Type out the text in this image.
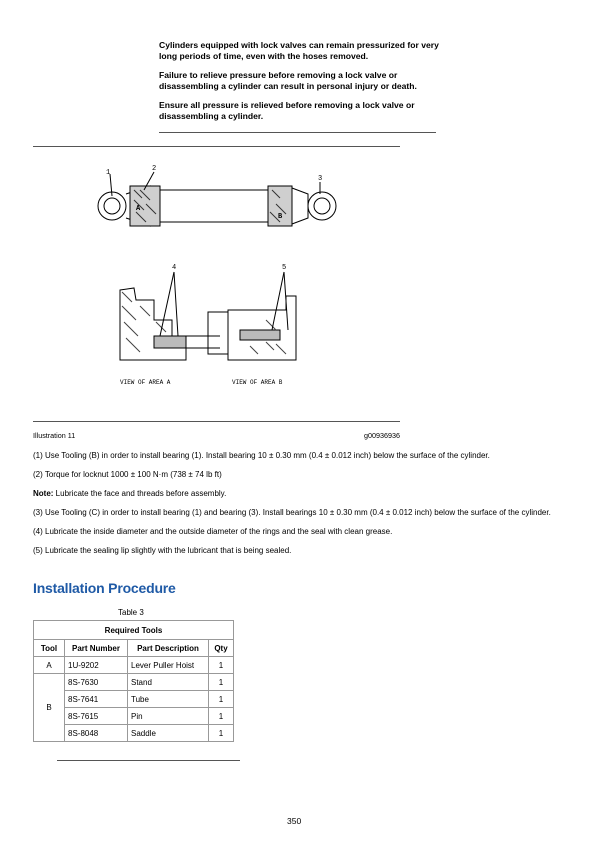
Cylinders equipped with lock valves can remain pressurized for very long periods of time, even with the hoses removed.

Failure to relieve pressure before removing a lock valve or disassembling a cylinder can result in personal injury or death.

Ensure all pressure is relieved before removing a lock valve or disassembling a cylinder.

1	2
3
A
B
4	5
VIEW OF AREA A	VIEW OF AREA B
Illustration 11	g00936936

(1) Use Tooling (B) in order to install bearing (1). Install bearing 10 ± 0.30 mm (0.4 ± 0.012 inch) below the surface of the cylinder.

(2) Torque for locknut 1000 ± 100 N·m (738 ± 74 lb ft)

Note: Lubricate the face and threads before assembly.

(3) Use Tooling (C) in order to install bearing (1) and bearing (3). Install bearings 10 ± 0.30 mm (0.4 ± 0.012 inch) below the surface of the cylinder.

(4) Lubricate the inside diameter and the outside diameter of the rings and the seal with clean grease.

(5) Lubricate the sealing lip slightly with the lubricant that is being sealed.

Installation Procedure
Table 3
Required Tools			
Tool	Part Number	Part Description	Qty
A	1U-9202	Lever Puller Hoist	1
B	8S-7630	Stand	1
	8S-7641	Tube	1
	8S-7615	Pin	1
	8S-8048	Saddle	1
350
